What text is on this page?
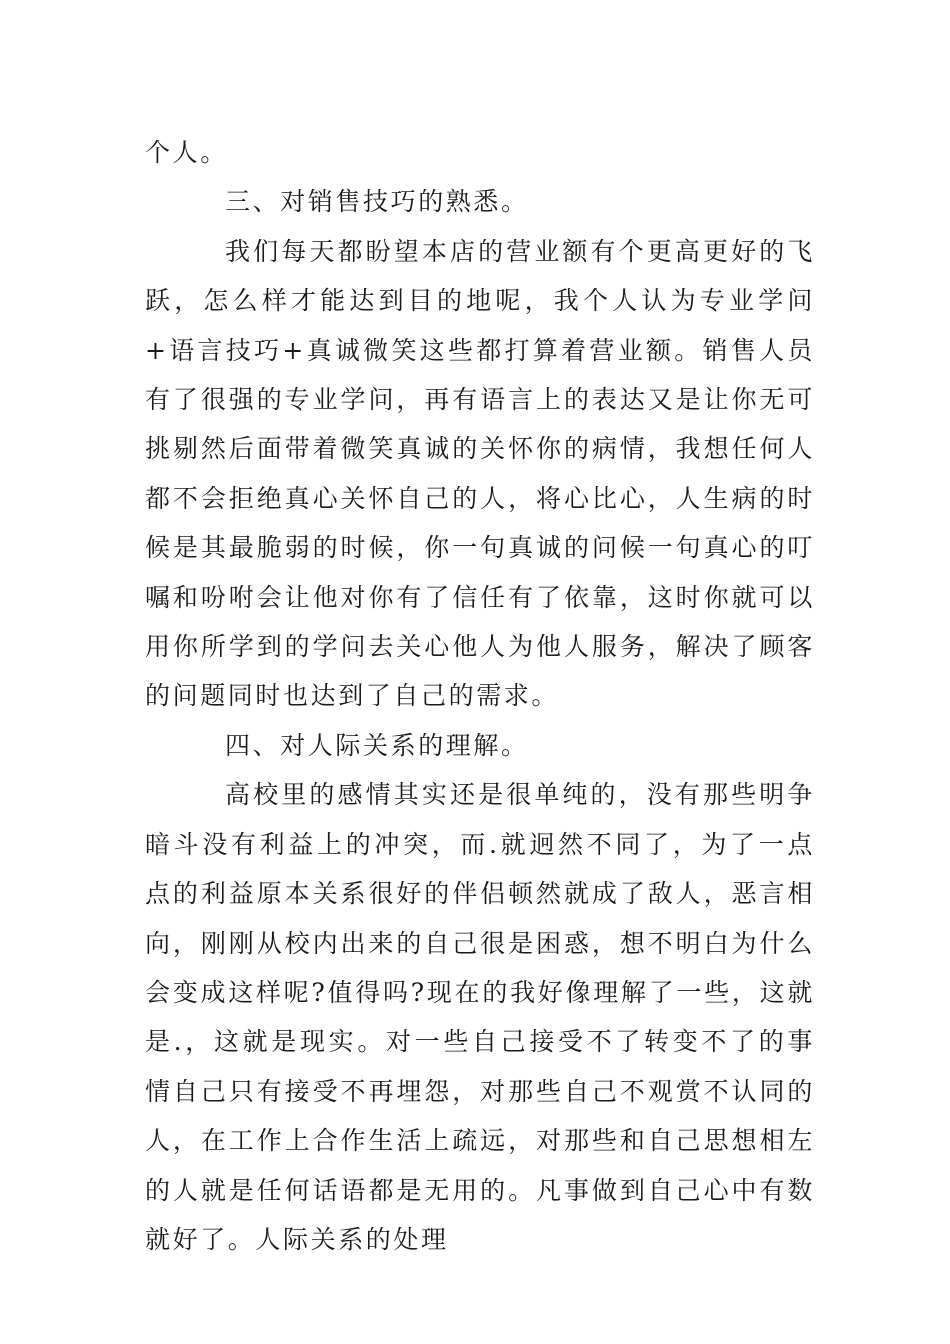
个人。

三、对销售技巧的熟悉。

我们每天都盼望本店的营业额有个更高更好的飞跃，怎么样才能达到目的地呢，我个人认为专业学问+语言技巧+真诚微笑这些都打算着营业额。销售人员有了很强的专业学问，再有语言上的表达又是让你无可挑剔然后面带着微笑真诚的关怀你的病情，我想任何人都不会拒绝真心关怀自己的人，将心比心，人生病的时候是其最脆弱的时候，你一句真诚的问候一句真心的叮嘱和吩咐会让他对你有了信任有了依靠，这时你就可以用你所学到的学问去关心他人为他人服务，解决了顾客的问题同时也达到了自己的需求。

四、对人际关系的理解。

高校里的感情其实还是很单纯的，没有那些明争暗斗没有利益上的冲突，而.就迥然不同了，为了一点点的利益原本关系很好的伴侣顿然就成了敌人，恶言相向，刚刚从校内出来的自己很是困惑，想不明白为什么会变成这样呢?值得吗?现在的我好像理解了一些，这就是.，这就是现实。对一些自己接受不了转变不了的事情自己只有接受不再埋怨，对那些自己不观赏不认同的人，在工作上合作生活上疏远，对那些和自己思想相左的人就是任何话语都是无用的。凡事做到自己心中有数就好了。人际关系的处理
